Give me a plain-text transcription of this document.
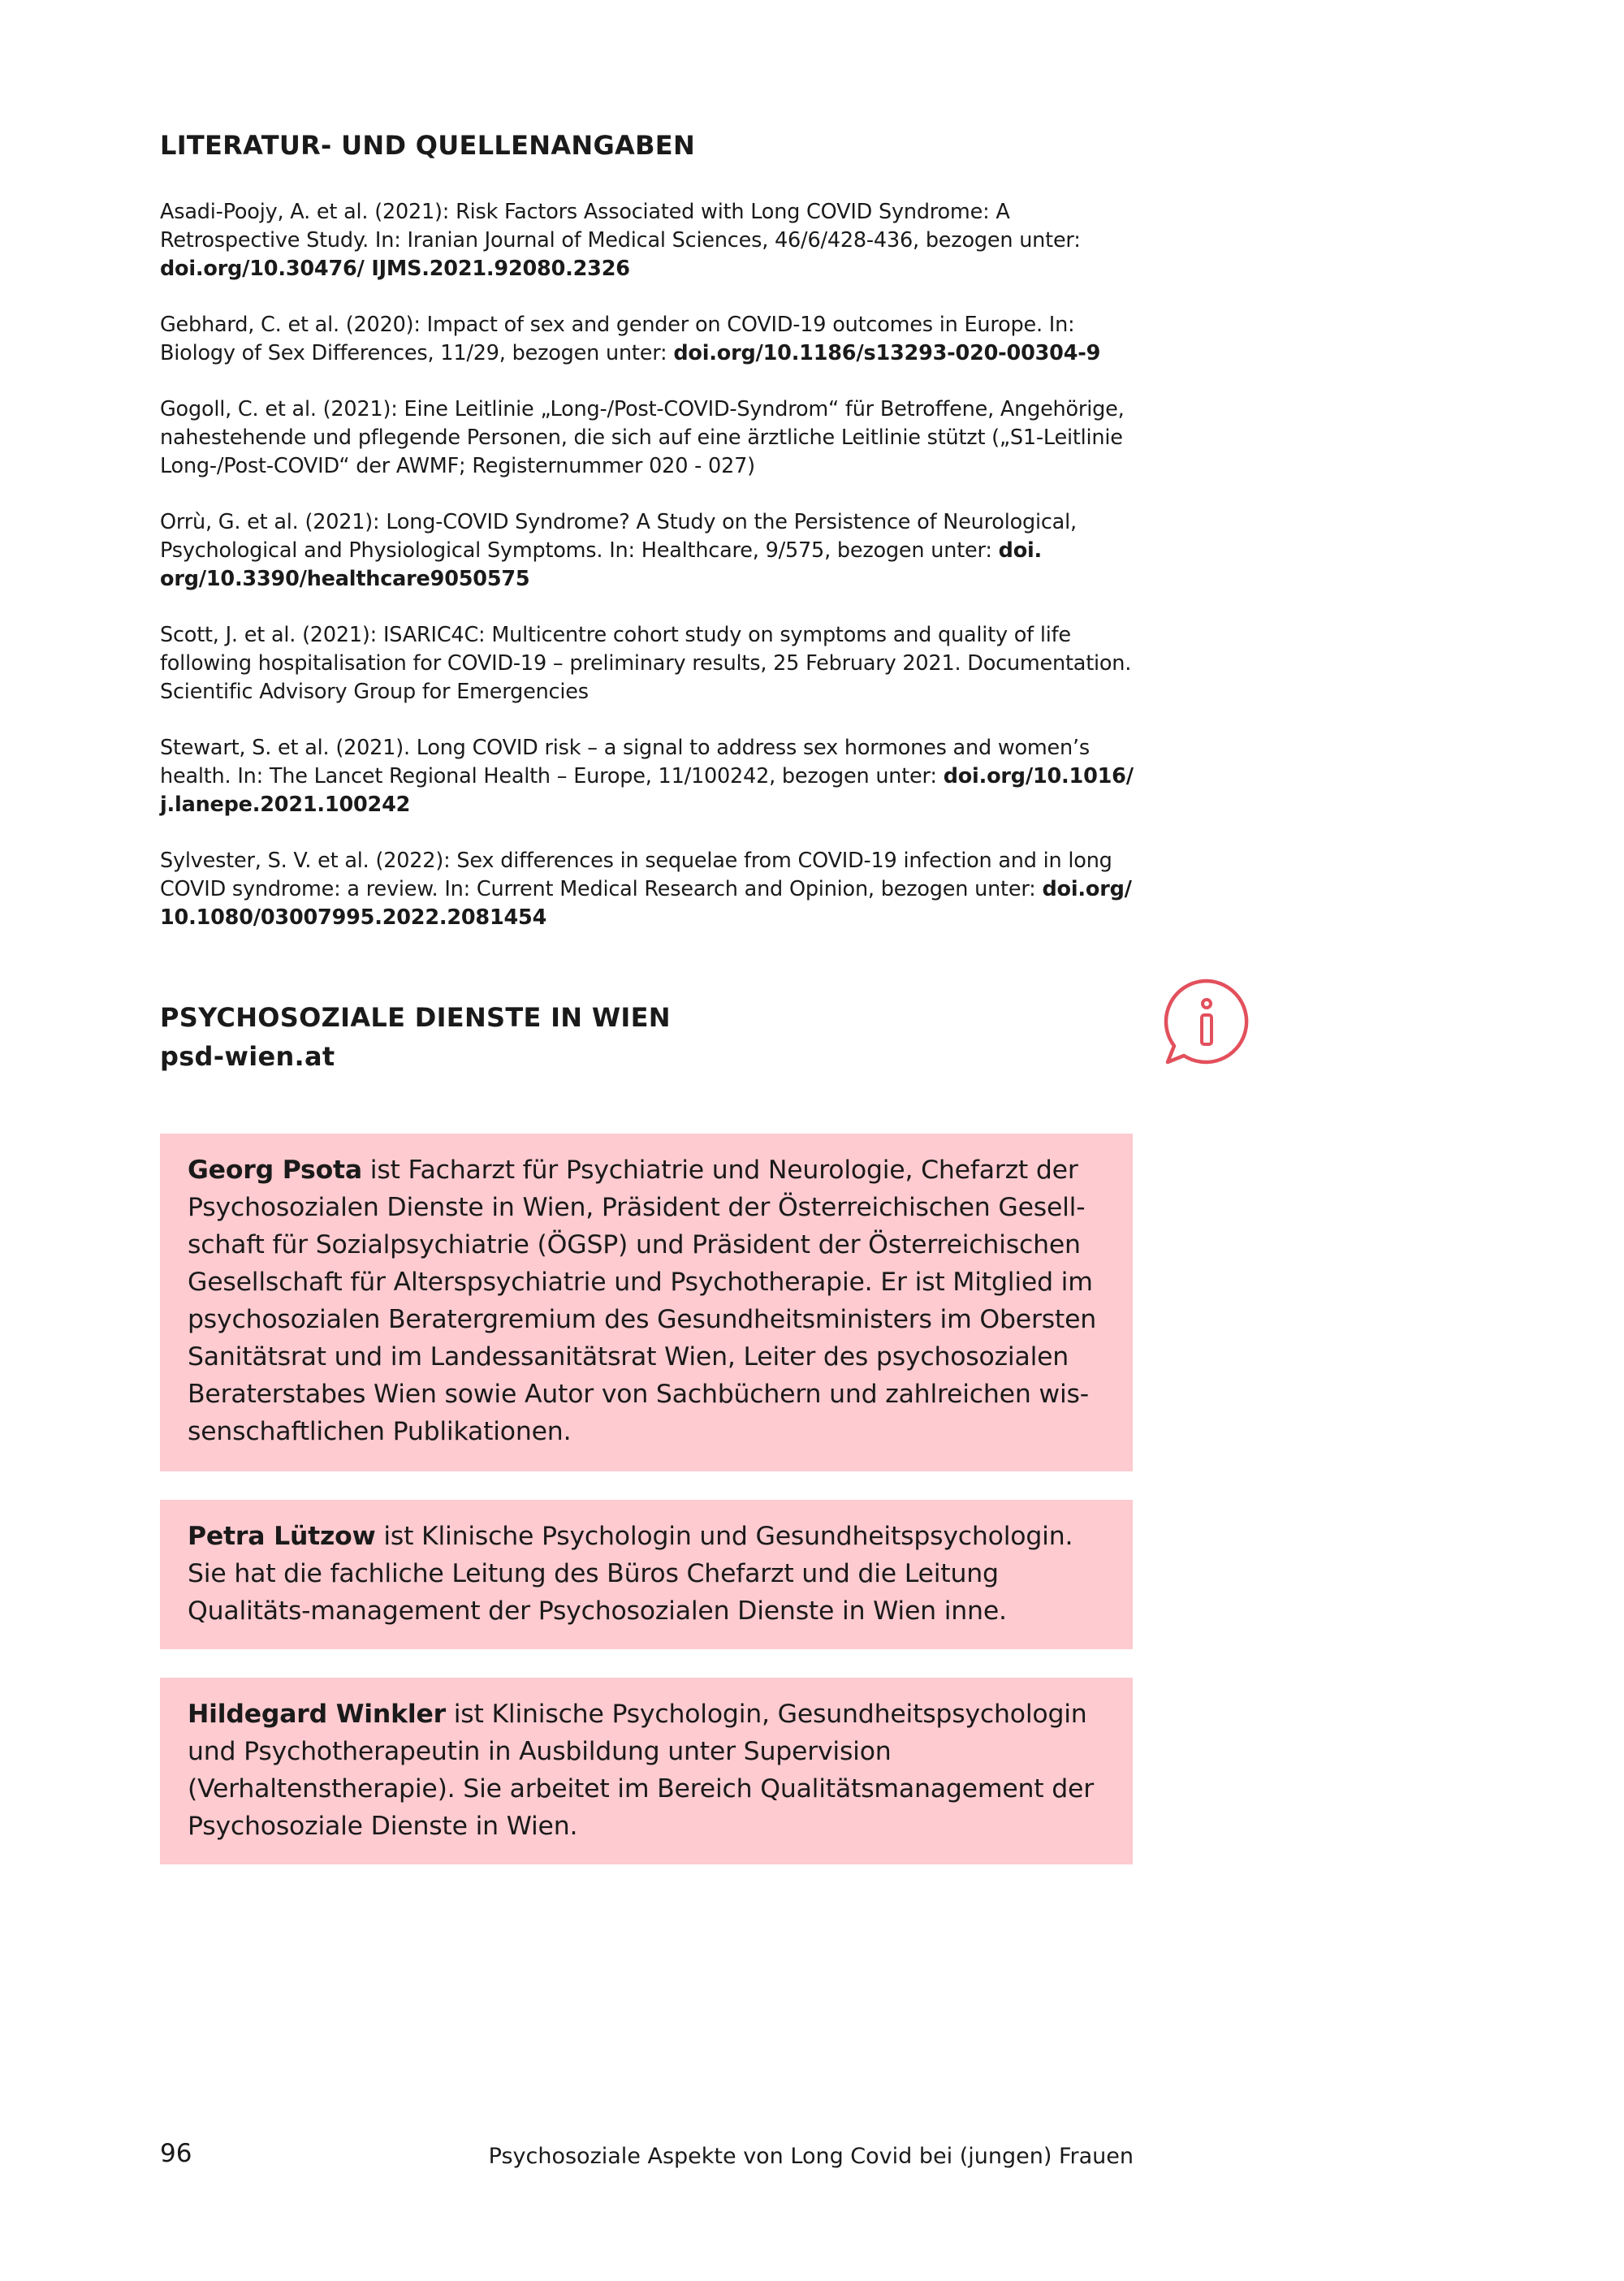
LITERATUR- UND QUELLENANGABEN

Asadi-Poojy, A. et al. (2021): Risk Factors Associated with Long COVID Syndrome: A Retrospective Study. In: Iranian Journal of Medical Sciences, 46/6/428-436, bezogen unter: doi.org/10.30476/ IJMS.2021.92080.2326

Gebhard, C. et al. (2020): Impact of sex and gender on COVID-19 outcomes in Europe. In: Biology of Sex Differences, 11/29, bezogen unter: doi.org/10.1186/s13293-020-00304-9

Gogoll, C. et al. (2021): Eine Leitlinie „Long-/Post-COVID-Syndrom“ für Betroffene, Angehörige, nahestehende und pflegende Personen, die sich auf eine ärztliche Leitlinie stützt („S1-Leitlinie Long-/Post-COVID“ der AWMF; Registernummer 020 - 027)

Orrù, G. et al. (2021): Long-COVID Syndrome? A Study on the Persistence of Neurological, Psychological and Physiological Symptoms. In: Healthcare, 9/575, bezogen unter: doi. org/10.3390/healthcare9050575

Scott, J. et al. (2021): ISARIC4C: Multicentre cohort study on symptoms and quality of life following hospitalisation for COVID-19 – preliminary results, 25 February 2021. Documentation. Scientific Advisory Group for Emergencies

Stewart, S. et al. (2021). Long COVID risk – a signal to address sex hormones and women’s health. In: The Lancet Regional Health – Europe, 11/100242, bezogen unter: doi.org/10.1016/ j.lanepe.2021.100242

Sylvester, S. V. et al. (2022): Sex differences in sequelae from COVID-19 infection and in long COVID syndrome: a review. In: Current Medical Research and Opinion, bezogen unter: doi.org/ 10.1080/03007995.2022.2081454

PSYCHOSOZIALE DIENSTE IN WIEN
psd-wien.at
Georg Psota ist Facharzt für Psychiatrie und Neurologie, Chefarzt der Psychosozialen Dienste in Wien, Präsident der Österreichischen Gesell-schaft für Sozialpsychiatrie (ÖGSP) und Präsident der Österreichischen Gesellschaft für Alterspsychiatrie und Psychotherapie. Er ist Mitglied im psychosozialen Beratergremium des Gesundheitsministers im Obersten Sanitätsrat und im Landessanitätsrat Wien, Leiter des psychosozialen Beraterstabes Wien sowie Autor von Sachbüchern und zahlreichen wis-senschaftlichen Publikationen.
Petra Lützow ist Klinische Psychologin und Gesundheitspsychologin. Sie hat die fachliche Leitung des Büros Chefarzt und die Leitung Qualitäts-management der Psychosozialen Dienste in Wien inne.
Hildegard Winkler ist Klinische Psychologin, Gesundheitspsychologin und Psychotherapeutin in Ausbildung unter Supervision (Verhaltenstherapie). Sie arbeitet im Bereich Qualitätsmanagement der Psychosoziale Dienste in Wien.
96	Psychosoziale Aspekte von Long Covid bei (jungen) Frauen
